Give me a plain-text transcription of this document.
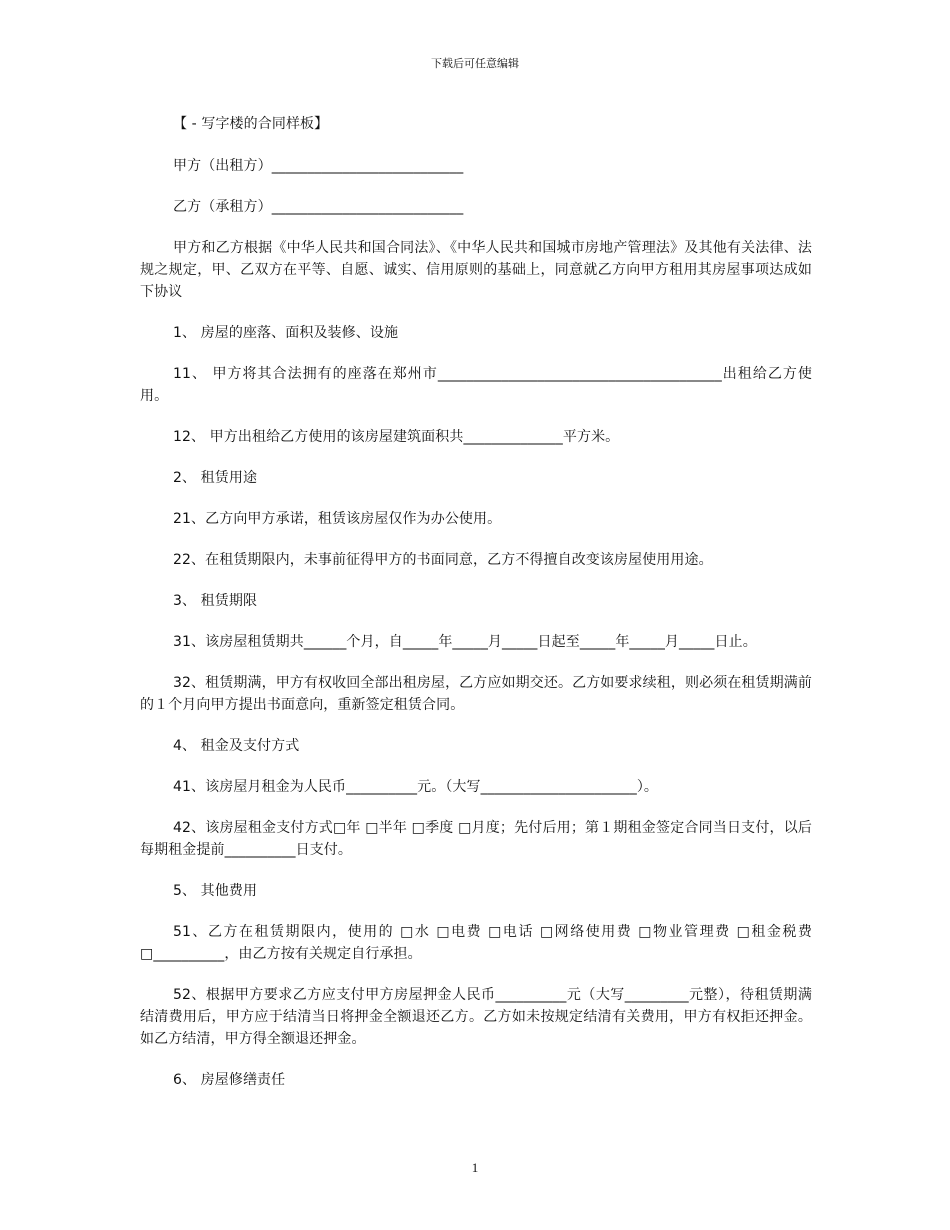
下载后可任意编辑

【 - 写字楼的合同样板】

甲方（出租方）___________________________

乙方（承租方）___________________________

甲方和乙方根据《中华人民共和国合同法》、《中华人民共和国城市房地产管理法》及其他有关法律、法规之规定，甲、乙双方在平等、自愿、诚实、信用原则的基础上，同意就乙方向甲方租用其房屋事项达成如下协议

1、 房屋的座落、面积及装修、设施

11、 甲方将其合法拥有的座落在郑州市________________________________________出租给乙方使用。

12、 甲方出租给乙方使用的该房屋建筑面积共______________平方米。

2、 租赁用途

21、乙方向甲方承诺，租赁该房屋仅作为办公使用。

22、在租赁期限内，未事前征得甲方的书面同意，乙方不得擅自改变该房屋使用用途。

3、 租赁期限

31、该房屋租赁期共______个月，自_____年_____月_____日起至_____年_____月_____日止。

32、租赁期满，甲方有权收回全部出租房屋，乙方应如期交还。乙方如要求续租，则必须在租赁期满前的１个月向甲方提出书面意向，重新签定租赁合同。

4、 租金及支付方式

41、该房屋月租金为人民币__________元。（大写______________________）。

42、该房屋租金支付方式□年 □半年 □季度 □月度；先付后用；第１期租金签定合同当日支付，以后每期租金提前__________日支付。

5、 其他费用

51、乙方在租赁期限内，使用的 □水 □电费 □电话 □网络使用费 □物业管理费 □租金税费 □__________，由乙方按有关规定自行承担。

52、根据甲方要求乙方应支付甲方房屋押金人民币__________元（大写_________元整），待租赁期满结清费用后，甲方应于结清当日将押金全额退还乙方。乙方如未按规定结清有关费用，甲方有权拒还押金。如乙方结清，甲方得全额退还押金。

6、 房屋修缮责任

1
